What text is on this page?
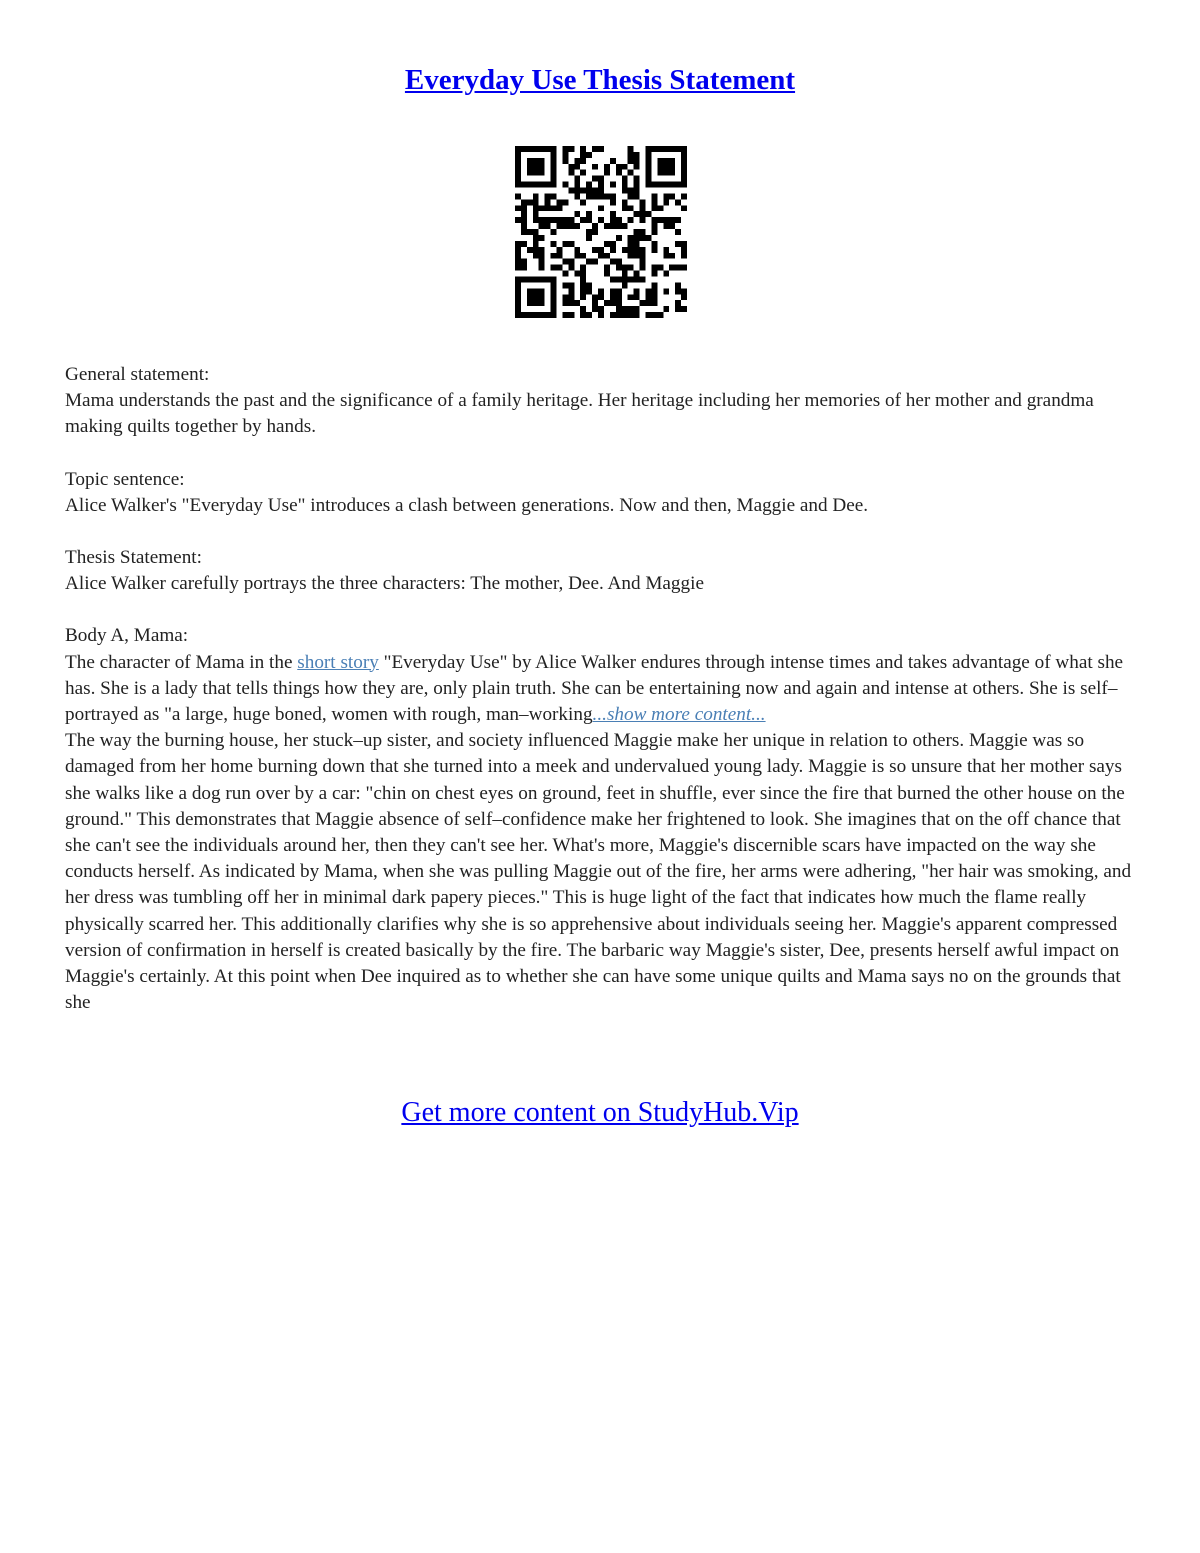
Everyday Use Thesis Statement

General statement:
Mama understands the past and the significance of a family heritage. Her heritage including her memories of her mother and grandma making quilts together by hands.

Topic sentence:
Alice Walker's "Everyday Use" introduces a clash between generations. Now and then, Maggie and Dee.

Thesis Statement:
Alice Walker carefully portrays the three characters: The mother, Dee. And Maggie

Body A, Mama:
The character of Mama in the short story "Everyday Use" by Alice Walker endures through intense times and takes advantage of what she has. She is a lady that tells things how they are, only plain truth. She can be entertaining now and again and intense at others. She is self–portrayed as "a large, huge boned, women with rough, man–working...show more content...
The way the burning house, her stuck–up sister, and society influenced Maggie make her unique in relation to others. Maggie was so damaged from her home burning down that she turned into a meek and undervalued young lady. Maggie is so unsure that her mother says she walks like a dog run over by a car: "chin on chest eyes on ground, feet in shuffle, ever since the fire that burned the other house on the ground." This demonstrates that Maggie absence of self–confidence make her frightened to look. She imagines that on the off chance that she can't see the individuals around her, then they can't see her. What's more, Maggie's discernible scars have impacted on the way she conducts herself. As indicated by Mama, when she was pulling Maggie out of the fire, her arms were adhering, "her hair was smoking, and her dress was tumbling off her in minimal dark papery pieces." This is huge light of the fact that indicates how much the flame really physically scarred her. This additionally clarifies why she is so apprehensive about individuals seeing her. Maggie's apparent compressed version of confirmation in herself is created basically by the fire. The barbaric way Maggie's sister, Dee, presents herself awful impact on Maggie's certainly. At this point when Dee inquired as to whether she can have some unique quilts and Mama says no on the grounds that she

Get more content on StudyHub.Vip
